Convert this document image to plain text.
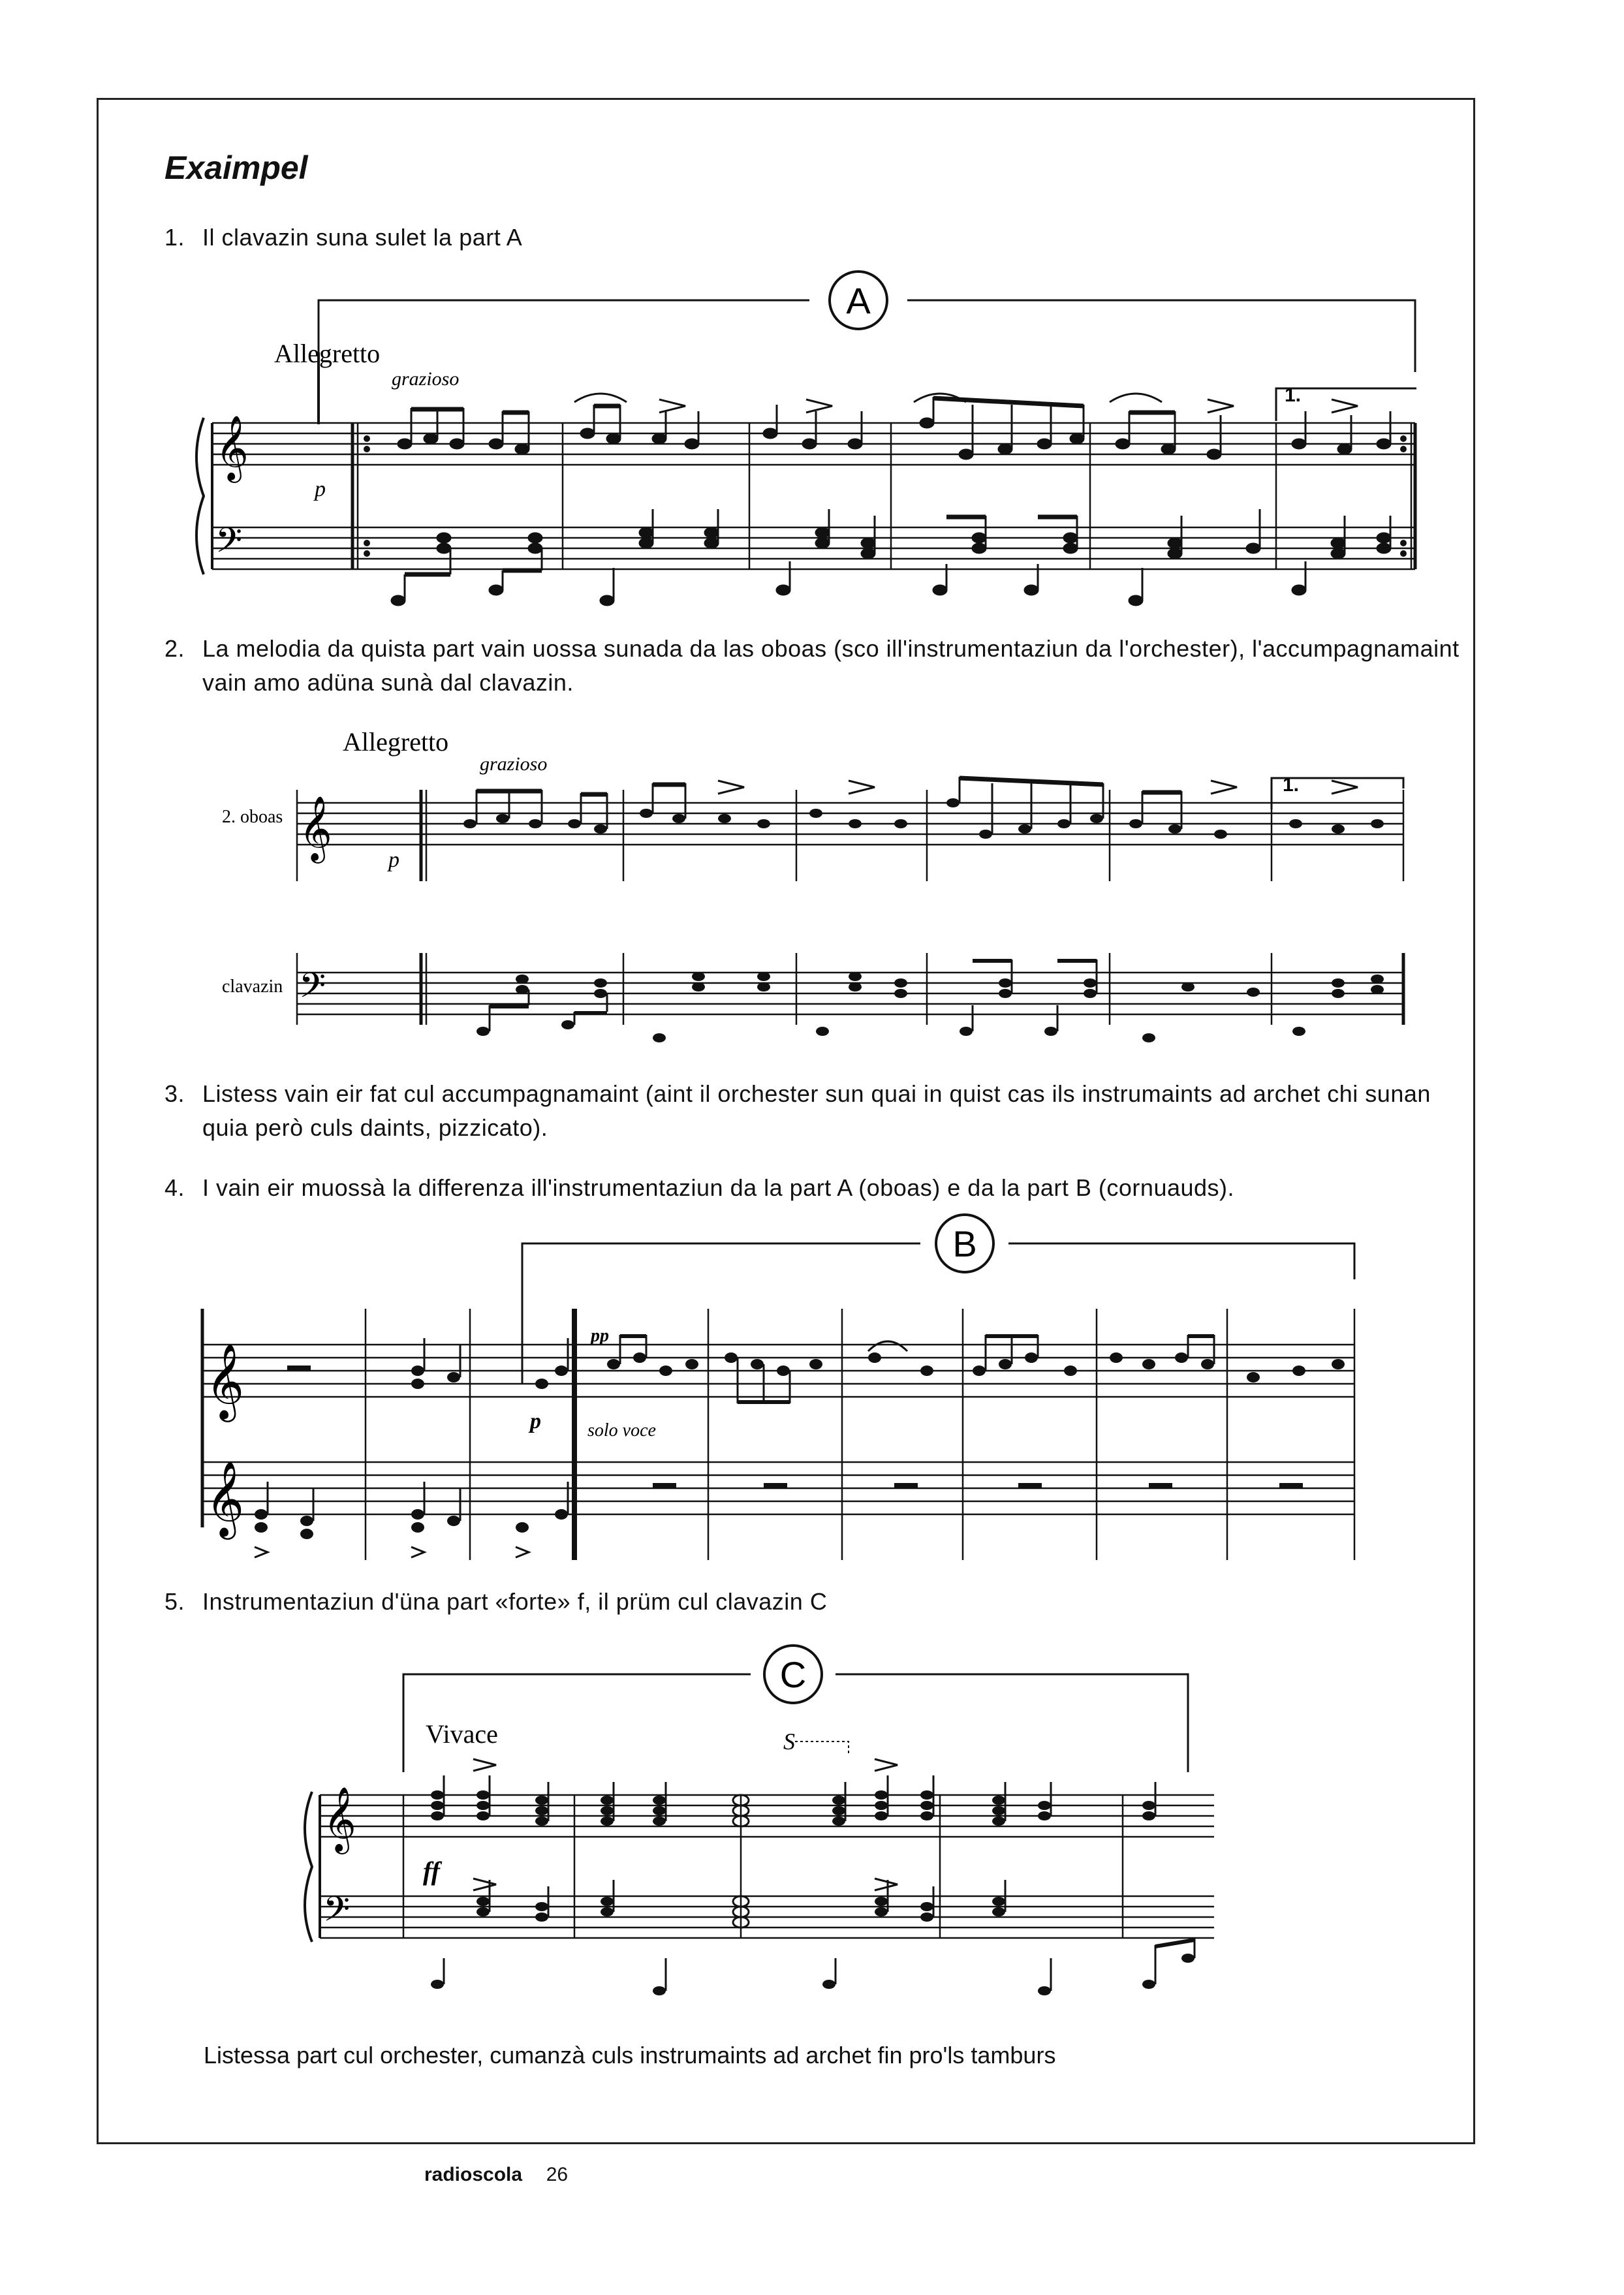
Exaimpel
1. Il clavazin suna sulet la part A
2. La melodia da quista part vain uossa sunada da las oboas (sco ill'instrumentaziun da l'orchester), l'accumpagnamaint vain amo adüna sunà dal clavazin.
3. Listess vain eir fat cul accumpagnamaint (aint il orchester sun quai in quist cas ils instrumaints ad archet chi sunan quia però culs daints, pizzicato).
4. I vain eir muossà la differenza ill'instrumentaziun da la part A (oboas) e da la part B (cornuauds).
5. Instrumentaziun d'üna part «forte» f, il prüm cul clavazin C
A
Allegretto
grazioso
p
1.
𝄞
𝄢
Allegretto
grazioso
p
1.
2. oboas
clavazin
𝄞
𝄢
B
pp
p	solo voce
𝄞
𝄞
C
Vivace
ff
S
𝄞
𝄢
Listessa part cul orchester, cumanzà culs instrumaints ad archet fin pro'ls tamburs
radioscola 26
